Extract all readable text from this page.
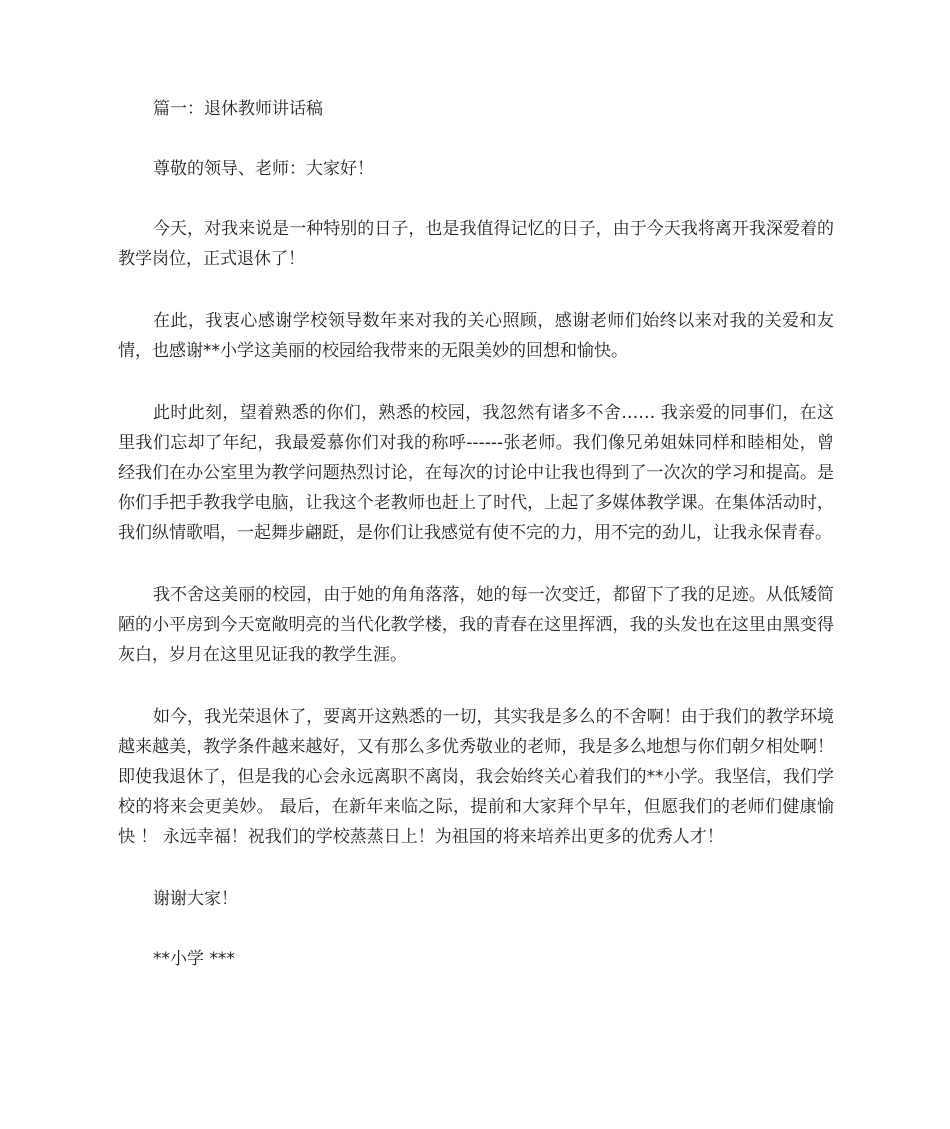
篇一：退休教师讲话稿

尊敬的领导、老师：大家好！

今天，对我来说是一种特别的日子，也是我值得记忆的日子，由于今天我将离开我深爱着的教学岗位，正式退休了！

在此，我衷心感谢学校领导数年来对我的关心照顾，感谢老师们始终以来对我的关爱和友情，也感谢**小学这美丽的校园给我带来的无限美妙的回想和愉快。

此时此刻，望着熟悉的你们，熟悉的校园，我忽然有诸多不舍…… 我亲爱的同事们，在这里我们忘却了年纪，我最爱慕你们对我的称呼------张老师。我们像兄弟姐妹同样和睦相处，曾经我们在办公室里为教学问题热烈讨论，在每次的讨论中让我也得到了一次次的学习和提高。是你们手把手教我学电脑，让我这个老教师也赶上了时代，上起了多媒体教学课。在集体活动时，我们纵情歌唱，一起舞步翩跹，是你们让我感觉有使不完的力，用不完的劲儿，让我永保青春。

我不舍这美丽的校园，由于她的角角落落，她的每一次变迁，都留下了我的足迹。从低矮简陋的小平房到今天宽敞明亮的当代化教学楼，我的青春在这里挥洒，我的头发也在这里由黑变得灰白，岁月在这里见证我的教学生涯。

如今，我光荣退休了，要离开这熟悉的一切，其实我是多么的不舍啊！由于我们的教学环境越来越美，教学条件越来越好，又有那么多优秀敬业的老师，我是多么地想与你们朝夕相处啊！即使我退休了，但是我的心会永远离职不离岗，我会始终关心着我们的**小学。我坚信，我们学校的将来会更美妙。 最后，在新年来临之际，提前和大家拜个早年，但愿我们的老师们健康愉快 ！ 永远幸福！祝我们的学校蒸蒸日上！为祖国的将来培养出更多的优秀人才！

谢谢大家！

**小学 ***
